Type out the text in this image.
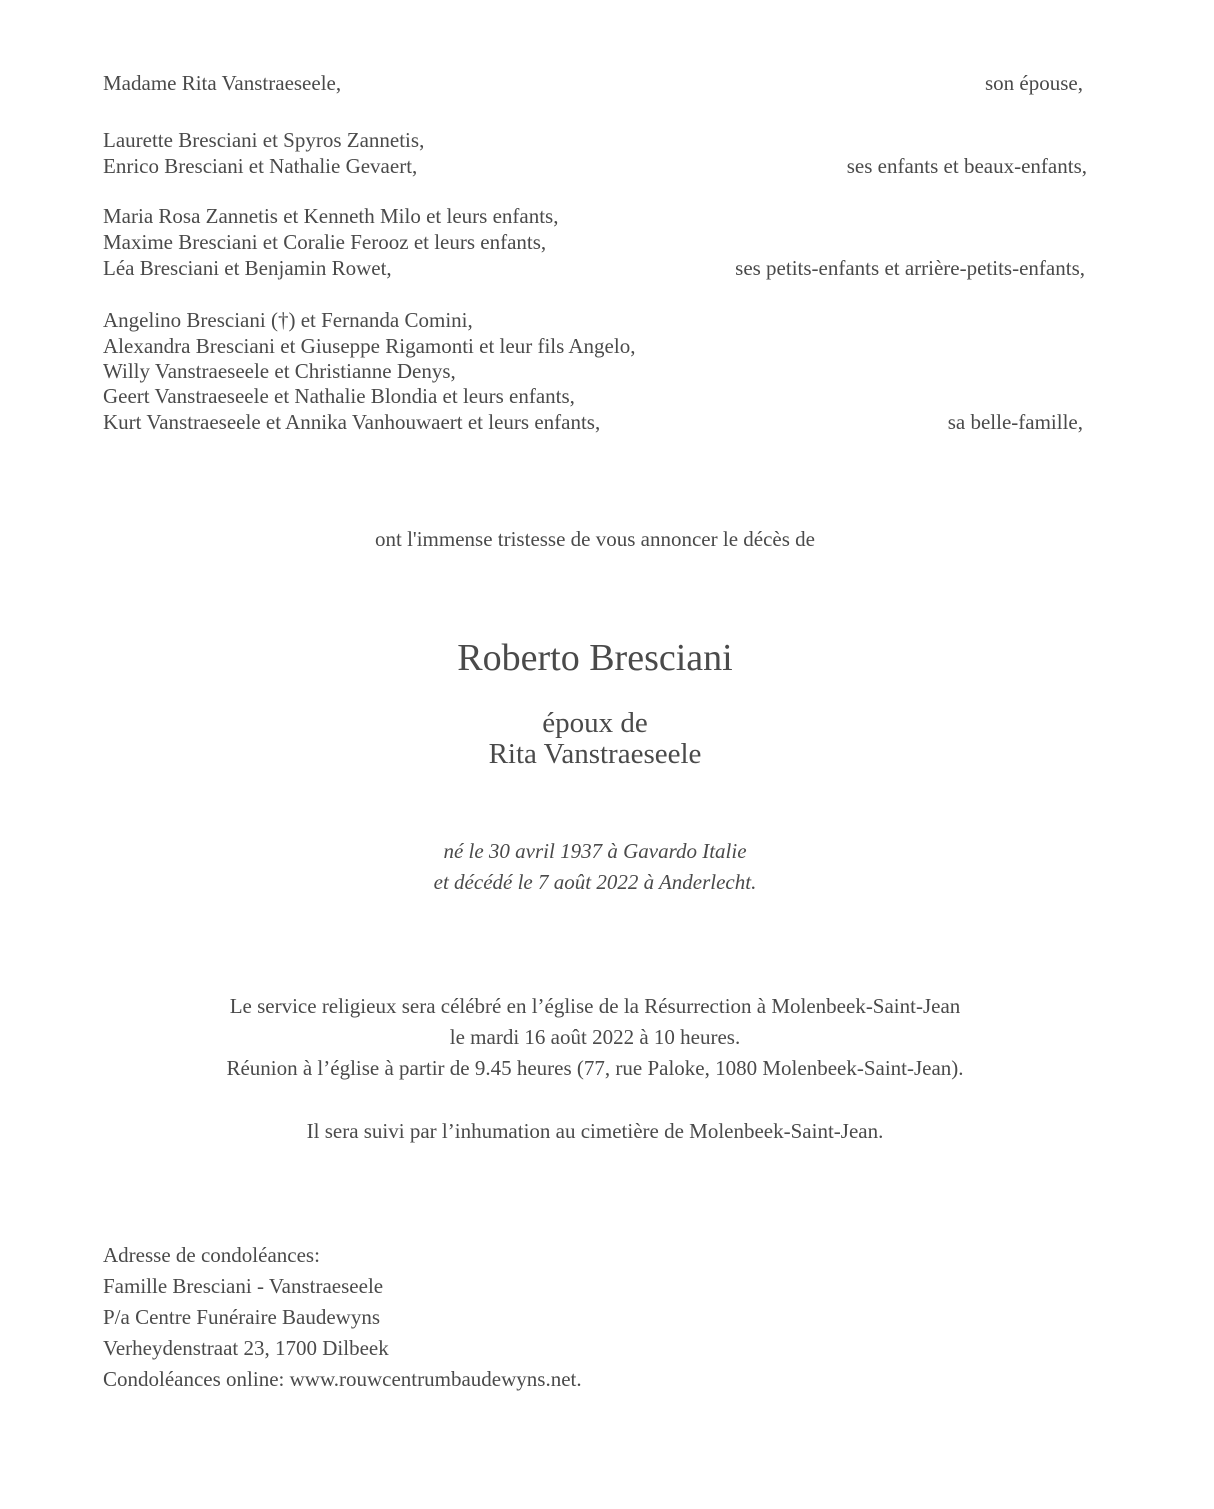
Madame Rita Vanstraeseele,	son épouse,
Laurette Bresciani et Spyros Zannetis,
Enrico Bresciani et Nathalie Gevaert,	ses enfants et beaux-enfants,
Maria Rosa Zannetis et Kenneth Milo et leurs enfants,
Maxime Bresciani et Coralie Ferooz et leurs enfants,
Léa Bresciani et Benjamin Rowet,	ses petits-enfants et arrière-petits-enfants,
Angelino Bresciani (†) et Fernanda Comini,
Alexandra Bresciani et Giuseppe Rigamonti et leur fils Angelo,
Willy Vanstraeseele et Christianne Denys,
Geert Vanstraeseele et Nathalie Blondia et leurs enfants,
Kurt Vanstraeseele et Annika Vanhouwaert et leurs enfants,	sa belle-famille,
ont l'immense tristesse de vous annoncer le décès de
Roberto Bresciani
époux de
Rita Vanstraeseele
né le 30 avril 1937 à Gavardo Italie
et décédé le 7 août 2022 à Anderlecht.
Le service religieux sera célébré en l’église de la Résurrection à Molenbeek-Saint-Jean
le mardi 16 août 2022 à 10 heures.
Réunion à l’église à partir de 9.45 heures (77, rue Paloke, 1080 Molenbeek-Saint-Jean).
Il sera suivi par l’inhumation au cimetière de Molenbeek-Saint-Jean.
Adresse de condoléances:
Famille Bresciani - Vanstraeseele
P/a Centre Funéraire Baudewyns
Verheydenstraat 23, 1700 Dilbeek
Condoléances online: www.rouwcentrumbaudewyns.net.
